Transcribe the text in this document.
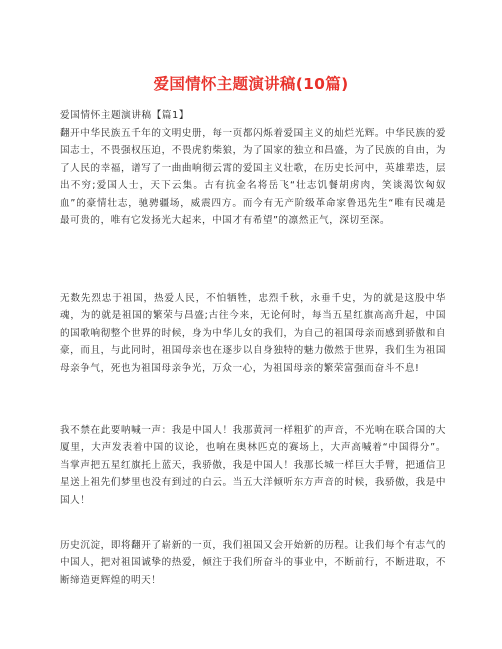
爱国情怀主题演讲稿(10篇)
爱国情怀主题演讲稿【篇1】

翻开中华民族五千年的文明史册，每一页都闪烁着爱国主义的灿烂光辉。中华民族的爱国志士，不畏强权压迫，不畏虎豹柴狼，为了国家的独立和昌盛，为了民族的自由，为了人民的幸福，谱写了一曲曲响彻云霄的爱国主义壮歌，在历史长河中，英雄辈迭，层出不穷;爱国人士，天下云集。古有抗金名将岳飞“壮志饥餐胡虏肉，笑谈渴饮匈奴血”的豪情壮志，驰骋疆场，威震四方。而今有无产阶级革命家鲁迅先生“唯有民魂是最可贵的，唯有它发扬光大起来，中国才有希望”的凛然正气，深切至深。

无数先烈忠于祖国，热爱人民，不怕牺牲，忠烈千秋，永垂千史，为的就是这股中华魂，为的就是祖国的繁荣与昌盛;古往今来，无论何时，每当五星红旗高高升起，中国的国歌响彻整个世界的时候，身为中华儿女的我们，为自己的祖国母亲而感到骄傲和自豪，而且，与此同时，祖国母亲也在逐步以自身独特的魅力傲然于世界，我们生为祖国母亲争气，死也为祖国母亲争光，万众一心，为祖国母亲的繁荣富强而奋斗不息!

我不禁在此要呐喊一声：我是中国人！我那黄河一样粗犷的声音，不光响在联合国的大厦里，大声发表着中国的议论，也响在奥林匹克的赛场上，大声高喊着“中国得分”。当掌声把五星红旗托上蓝天，我骄傲，我是中国人！我那长城一样巨大手臂，把通信卫星送上祖先们梦里也没有到过的白云。当五大洋倾听东方声音的时候，我骄傲，我是中国人！

历史沉淀，即将翻开了崭新的一页，我们祖国又会开始新的历程。让我们每个有志气的中国人，把对祖国诚挚的热爱，倾注于我们所奋斗的事业中，不断前行，不断进取，不断缔造更辉煌的明天！
